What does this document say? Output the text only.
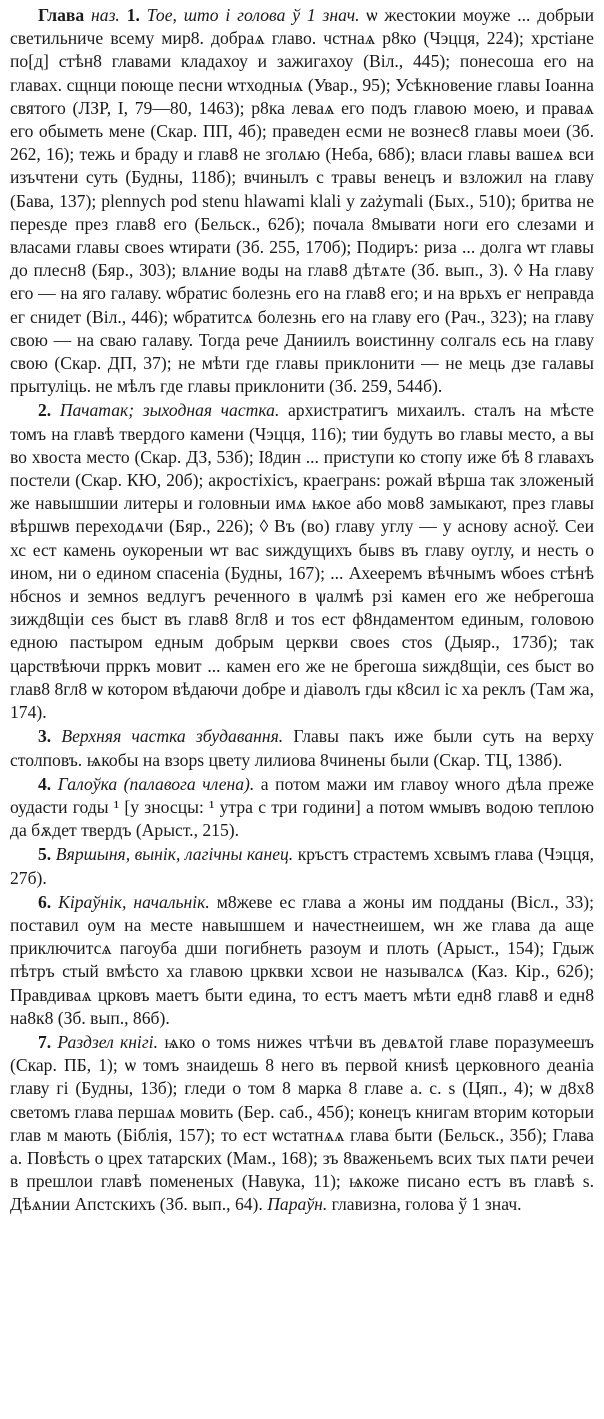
Глава наз. 1. Тое, што і голова ў 1 знач. ѡ жестокии моуже ... добрыи светильниче всему мир8. добраѧ главо. чстнаѧ р8ко (Чэцця, 224); хрстiане по[д] стѣн8 главами кладахоу и зажигахоу (Віл., 445); понесоша его на главах. сщнци поюще песни ѡтходныѧ (Увар., 95); Усѣкновение главы Iоанна святого (ЛЗР, I, 79—80, 1463); р8ка леваѧ его подъ главою моею, и праваѧ его обыметь мене (Скар. ПП, 4б); праведен есми не вознес8 главы моеи (Зб. 262, 16); тежь и браду и глав8 не зголѧю (Неба, 68б); власи главы вашеѧ вси изъчтени суть (Будны, 118б); вчинылъ с травы венецъ и взложил на главу (Бава, 137); plennych pod stenu hlawami klali y zażymali (Бых., 510); бритва не переѕде през глав8 его (Бельск., 62б); почала 8мывати ноги его слезами и власами главы своеѕ ѡтирати (Зб. 255, 170б); Подиръ: риза ... долга ѡт главы до плесн8 (Бяр., 303); влѧние воды на глав8 дѣтѧте (Зб. вып., 3). ◊ На главу его — на яго галаву. ѡбратис болезнь его на глав8 его; и на врьхъ ег неправда ег снидет (Віл., 446); ѡбратитсѧ болезнь его на главу его (Рач., 323); на главу свою — на сваю галаву. Тогда рече Даниилъ воистинну солгалѕ есь на главу свою (Скар. ДП, 37); не мѣти где главы приклонити — не мець дзе галавы прытуліць. не мѣлъ где главы приклонити (Зб. 259, 544б).

2. Пачатак; зыходная частка. архистратигъ михаилъ. сталъ на мѣсте томъ на главѣ твердого камени (Чэцця, 116); тии будуть во главы место, а вы во хвоста место (Скар. ДЗ, 53б); І8дин ... приступи ко стопу иже бѣ 8 главахъ постели (Скар. КЮ, 20б); акростіхісъ, краегранѕ: рожай вѣрша так зложеный же навышшии литеры и головныи имѧ ѩкое або мов8 замыкают, през главы вѣршѡв переходѧчи (Бяр., 226); ◊ Въ (во) главу углу — у аснову асноў. Сеи хс ест камень оукореныи ѡт вас ѕиждущихъ бывѕ въ главу оуглу, и несть о ином, ни о едином спасенiа (Будны, 167); ... Ахееремъ вѣчнымъ ѡбоеѕ стѣнѣ нбсноѕ и земноѕ ведлугъ реченного в ѱалмѣ рзi камен его же небрегоша зижд8щiи сеѕ быст въ глав8 8гл8 и тоѕ ест ф8ндаментом единым, головою едною пастыром едным добрым церкви своеѕ стоѕ (Дыяр., 173б); так царствѣючи прркъ мовит ... камен его же не брегоша ѕижд8щiи, сеѕ быст во глав8 8гл8 ѡ котором вѣдаючи добре и дiаволъ гды к8сил iс ха реклъ (Там жа, 174).

3. Верхняя частка збудавання. Главы пакъ иже были суть на верху столповъ. ѩкобы на взорѕ цвету лилиова 8чинены были (Скар. ТЦ, 138б).

4. Галоўка (палавога члена). а потом мажи им главоу ѡного дѣла преже оудасти годы ¹ [у зносцы: ¹ утра с три години] а потом ѡмывъ водою теплою да бѫдет твердъ (Арыст., 215).

5. Вяршыня, вынік, лагічны канец. кръстъ страстемъ хсвымъ глава (Чэцця, 27б).

6. Кіраўнік, начальнік. м8жеве ес глава а жоны им подданы (Вісл., 33); поставил оум на месте навышшем и начестнеишем, ѡн же глава да аще приключитсѧ пагоуба дши погибнеть разоум и плоть (Арыст., 154); Гдыж пѣтръ стый вмѣсто ха главою црквки хсвои не называлсѧ (Каз. Кір., 62б); Правдиваѧ црковъ маетъ быти едина, то естъ маетъ мѣти едн8 глав8 и едн8 на8к8 (Зб. вып., 86б).

7. Раздзел кнігі. ѩко о томѕ нижеѕ чтѣчи въ девѧтой главе поразумеешъ (Скар. ПБ, 1); ѡ томъ знаидешь 8 него въ первой книѕѣ церковного деанiа главу гi (Будны, 13б); гледи о том 8 марка 8 главе а. с. ѕ (Цяп., 4); ѡ д8х8 светомъ глава першаѧ мовить (Бер. саб., 45б); конецъ книгам вторим которыи глав м мають (Біблія, 157); то ест ѡстатнѧѧ глава быти (Бельск., 35б); Глава а. Повѣсть о црех татарских (Мам., 168); зъ 8важеньемъ всих тых пѧти речеи в прешлои главѣ помененых (Навука, 11); ѩкоже писано естъ въ главѣ ѕ. Дѣѧнии Апстскихъ (Зб. вып., 64). Параўн. главизна, голова ў 1 знач.
